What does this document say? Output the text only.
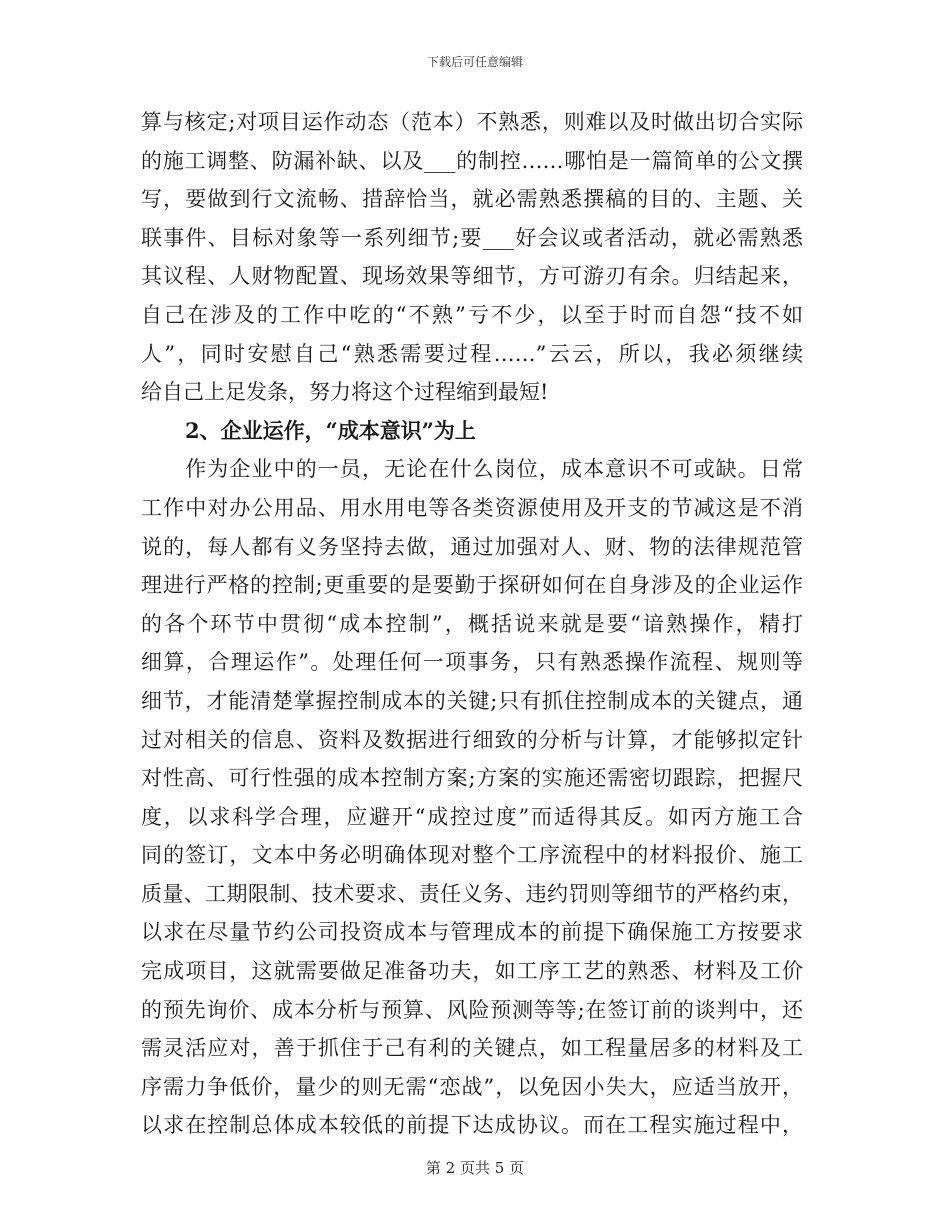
下载后可任意编辑
算与核定;对项目运作动态（范本）不熟悉，则难以及时做出切合实际
的施工调整、防漏补缺、以及___的制控……哪怕是一篇简单的公文撰
写，要做到行文流畅、措辞恰当，就必需熟悉撰稿的目的、主题、关
联事件、目标对象等一系列细节;要___好会议或者活动，就必需熟悉
其议程、人财物配置、现场效果等细节，方可游刃有余。归结起来，
自己在涉及的工作中吃的“不熟”亏不少，以至于时而自怨“技不如
人”，同时安慰自己“熟悉需要过程……”云云，所以，我必须继续
给自己上足发条，努力将这个过程缩到最短!
2、企业运作，“成本意识”为上
　　作为企业中的一员，无论在什么岗位，成本意识不可或缺。日常
工作中对办公用品、用水用电等各类资源使用及开支的节减这是不消
说的，每人都有义务坚持去做，通过加强对人、财、物的法律规范管
理进行严格的控制;更重要的是要勤于探研如何在自身涉及的企业运作
的各个环节中贯彻“成本控制”，概括说来就是要“谙熟操作，精打
细算，合理运作”。处理任何一项事务，只有熟悉操作流程、规则等
细节，才能清楚掌握控制成本的关键;只有抓住控制成本的关键点，通
过对相关的信息、资料及数据进行细致的分析与计算，才能够拟定针
对性高、可行性强的成本控制方案;方案的实施还需密切跟踪，把握尺
度，以求科学合理，应避开“成控过度”而适得其反。如丙方施工合
同的签订，文本中务必明确体现对整个工序流程中的材料报价、施工
质量、工期限制、技术要求、责任义务、违约罚则等细节的严格约束，
以求在尽量节约公司投资成本与管理成本的前提下确保施工方按要求
完成项目，这就需要做足准备功夫，如工序工艺的熟悉、材料及工价
的预先询价、成本分析与预算、风险预测等等;在签订前的谈判中，还
需灵活应对，善于抓住于己有利的关键点，如工程量居多的材料及工
序需力争低价，量少的则无需“恋战”，以免因小失大，应适当放开，
以求在控制总体成本较低的前提下达成协议。而在工程实施过程中，
第 2 页共 5 页
